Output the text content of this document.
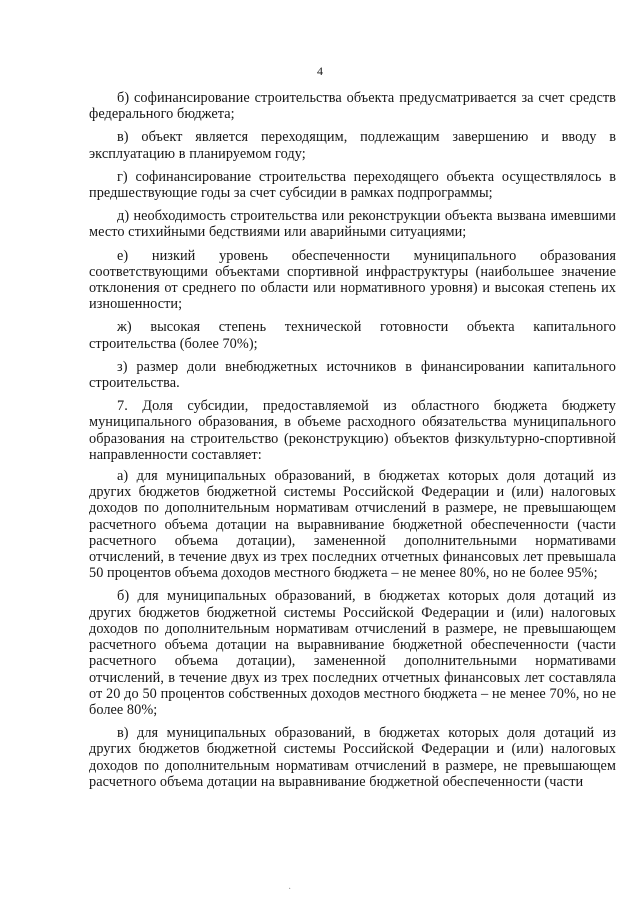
4

б) софинансирование строительства объекта предусматривается за счет средств федерального бюджета;

в) объект является переходящим, подлежащим завершению и вводу в эксплуатацию в планируемом году;

г) софинансирование строительства переходящего объекта осуществлялось в предшествующие годы за счет субсидии в рамках подпрограммы;

д) необходимость строительства или реконструкции объекта вызвана имевшими место стихийными бедствиями или аварийными ситуациями;

е) низкий уровень обеспеченности муниципального образования соответствующими объектами спортивной инфраструктуры (наибольшее значение отклонения от среднего по области или нормативного уровня) и высокая степень их изношенности;

ж) высокая степень технической готовности объекта капитального строительства (более 70%);

з) размер доли внебюджетных источников в финансировании капитального строительства.

7. Доля субсидии, предоставляемой из областного бюджета бюджету муниципального образования, в объеме расходного обязательства муниципального образования на строительство (реконструкцию) объектов физкультурно-спортивной направленности составляет:

а) для муниципальных образований, в бюджетах которых доля дотаций из других бюджетов бюджетной системы Российской Федерации и (или) налоговых доходов по дополнительным нормативам отчислений в размере, не превышающем расчетного объема дотации на выравнивание бюджетной обеспеченности (части расчетного объема дотации), замененной дополнительными нормативами отчислений, в течение двух из трех последних отчетных финансовых лет превышала 50 процентов объема доходов местного бюджета – не менее 80%, но не более 95%;

б) для муниципальных образований, в бюджетах которых доля дотаций из других бюджетов бюджетной системы Российской Федерации и (или) налоговых доходов по дополнительным нормативам отчислений в размере, не превышающем расчетного объема дотации на выравнивание бюджетной обеспеченности (части расчетного объема дотации), замененной дополнительными нормативами отчислений, в течение двух из трех последних отчетных финансовых лет составляла от 20 до 50 процентов собственных доходов местного бюджета – не менее 70%, но не более 80%;

в) для муниципальных образований, в бюджетах которых доля дотаций из других бюджетов бюджетной системы Российской Федерации и (или) налоговых доходов по дополнительным нормативам отчислений в размере, не превышающем расчетного объема дотации на выравнивание бюджетной обеспеченности (части

·
